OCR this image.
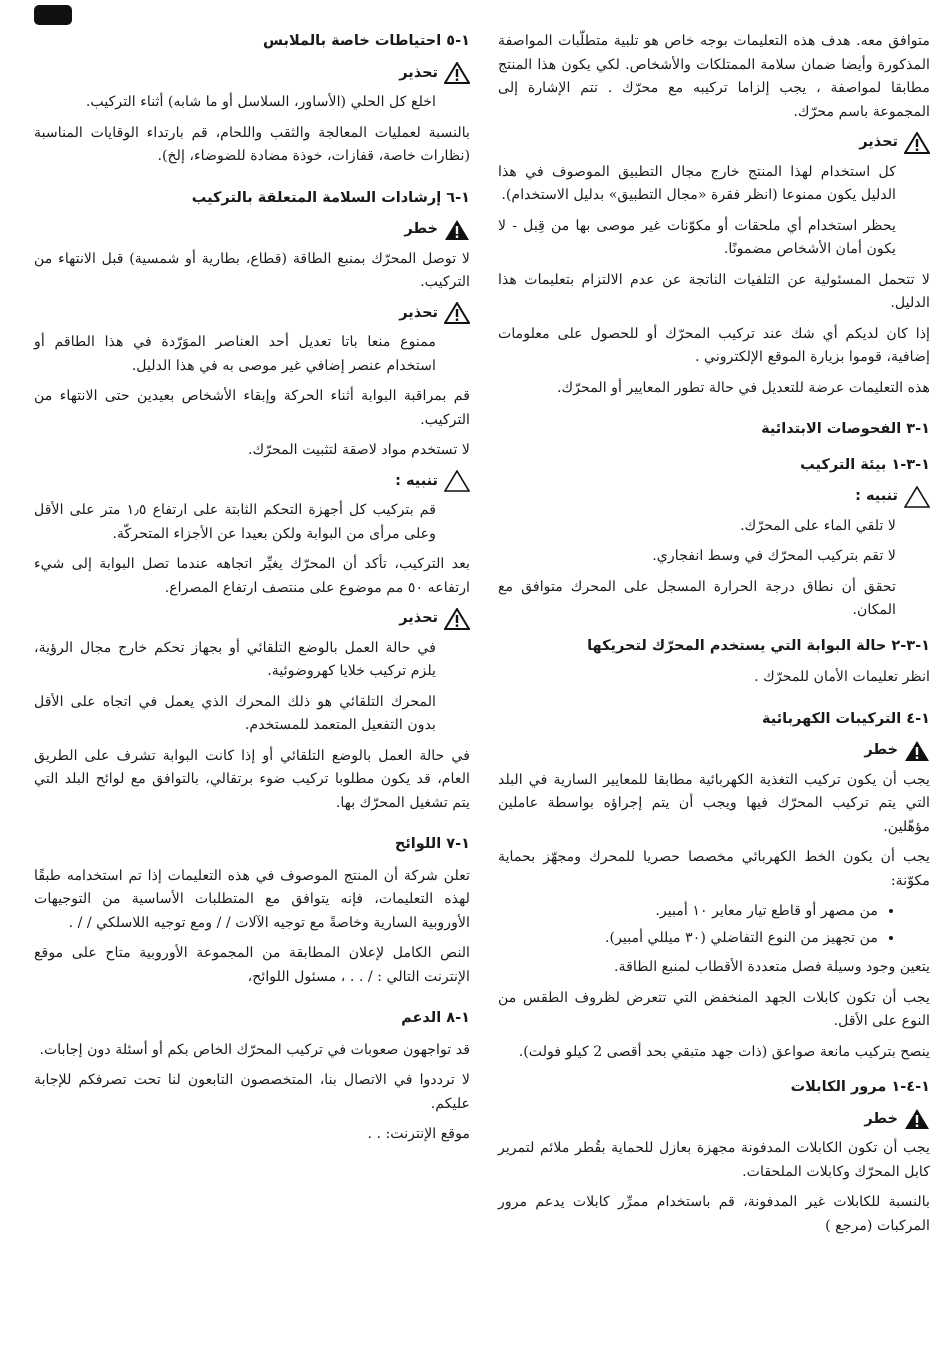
متوافق معه. هدف هذه التعليمات بوجه خاص هو تلبية متطلّبات المواصفة المذكورة وأيضا ضمان سلامة الممتلكات والأشخاص. لكي يكون هذا المنتج مطابقا لمواصفة ، يجب إلزاما تركيبه مع محرّك . تتم الإشارة إلى المجموعة باسم محرّك.

تحذير

كل استخدام لهذا المنتج خارج مجال التطبيق الموصوف في هذا الدليل يكون ممنوعا (انظر فقرة «مجال التطبيق» بدليل الاستخدام).

يحظر استخدام أي ملحقات أو مكوّنات غير موصى بها من قِبل - لا يكون أمان الأشخاص مضمونًا.

لا تتحمل المسئولية عن التلفيات الناتجة عن عدم الالتزام بتعليمات هذا الدليل.

إذا كان لديكم أي شك عند تركيب المحرّك أو للحصول على معلومات إضافية، قوموا بزيارة الموقع الإلكتروني .

هذه التعليمات عرضة للتعديل في حالة تطور المعايير أو المحرّك.

١-٣ الفحوصات الابتدائية
١-٣-١ بيئة التركيب
تنبيه :

لا تلقي الماء على المحرّك.

لا تقم بتركيب المحرّك في وسط انفجاري.

تحقق أن نطاق درجة الحرارة المسجل على المحرك متوافق مع المكان.

١-٣-٢ حالة البوابة التي يستخدم المحرّك لتحريكها

انظر تعليمات الأمان للمحرّك .

١-٤ التركيبات الكهربائية
خطر

يجب أن يكون تركيب التغذية الكهربائية مطابقا للمعايير السارية في البلد التي يتم تركيب المحرّك فيها ويجب أن يتم إجراؤه بواسطة عاملين مؤهّلين.

يجب أن يكون الخط الكهربائي مخصصا حصريا للمحرك ومجهّز بحماية مكوّنة:

• من مصهر أو قاطع تيار معاير ١٠ أمبير.
• من تجهيز من النوع التفاضلي (٣٠ ميللي أمبير).

يتعين وجود وسيلة فصل متعددة الأقطاب لمنبع الطاقة.

يجب أن تكون كابلات الجهد المنخفض التي تتعرض لظروف الطقس من النوع على الأقل.

ينصح بتركيب مانعة صواعق (ذات جهد متبقي بحد أقصى 2 كيلو فولت).

١-٤-١ مرور الكابلات
خطر

يجب أن تكون الكابلات المدفونة مجهزة بعازل للحماية بقُطر ملائم لتمرير كابل المحرّك وكابلات الملحقات.

بالنسبة للكابلات غير المدفونة، قم باستخدام ممرِّر كابلات يدعم مرور المركبات (مرجع )

١-٥ احتياطات خاصة بالملابس
تحذير

اخلع كل الحلي (الأساور، السلاسل أو ما شابه) أثناء التركيب.

بالنسبة لعمليات المعالجة والثقب واللحام، قم بارتداء الوقايات المناسبة (نظارات خاصة، قفازات، خوذة مضادة للضوضاء، إلخ).

١-٦ إرشادات السلامة المتعلقة بالتركيب
خطر

لا توصل المحرّك بمنبع الطاقة (قطاع، بطارية أو شمسية) قبل الانتهاء من التركيب.

تحذير

ممنوع منعا باتا تعديل أحد العناصر الموَرّدة في هذا الطاقم أو استخدام عنصر إضافي غير موصى به في هذا الدليل.

قم بمراقبة البوابة أثناء الحركة وإبقاء الأشخاص بعيدين حتى الانتهاء من التركيب.

لا تستخدم مواد لاصقة لتثبيت المحرّك.

تنبيه :

قم بتركيب كل أجهزة التحكم الثابتة على ارتفاع ١٫٥ متر على الأقل وعلى مرأى من البوابة ولكن بعيدا عن الأجزاء المتحركّة.

بعد التركيب، تأكد أن المحرّك يغيِّر اتجاهه عندما تصل البوابة إلى شيء ارتفاعه ٥٠ مم موضوع على منتصف ارتفاع المصراع.

تحذير

في حالة العمل بالوضع التلقائي أو بجهاز تحكم خارج مجال الرؤية، يلزم تركيب خلايا كهروضوئية.

المحرك التلقائي هو ذلك المحرك الذي يعمل في اتجاه على الأقل بدون التفعيل المتعمد للمستخدم.

في حالة العمل بالوضع التلقائي أو إذا كانت البوابة تشرف على الطريق العام، قد يكون مطلوبا تركيب ضوء برتقالي، بالتوافق مع لوائح البلد التي يتم تشغيل المحرّك بها.

١-٧ اللوائح

تعلن شركة أن المنتج الموصوف في هذه التعليمات إذا تم استخدامه طبقًا لهذه التعليمات، فإنه يتوافق مع المتطلبات الأساسية من التوجيهات الأوروبية السارية وخاصةً مع توجيه الآلات / / ومع توجيه اللاسلكي / / .

النص الكامل لإعلان المطابقة من المجموعة الأوروبية متاح على موقع الإنترنت التالي : / . . ، مسئول اللوائح،

١-٨ الدعم

قد تواجهون صعوبات في تركيب المحرّك الخاص بكم أو أسئلة دون إجابات.

لا ترددوا في الاتصال بنا، المتخصصون التابعون لنا تحت تصرفكم للإجابة عليكم.

موقع الإنترنت: . .
